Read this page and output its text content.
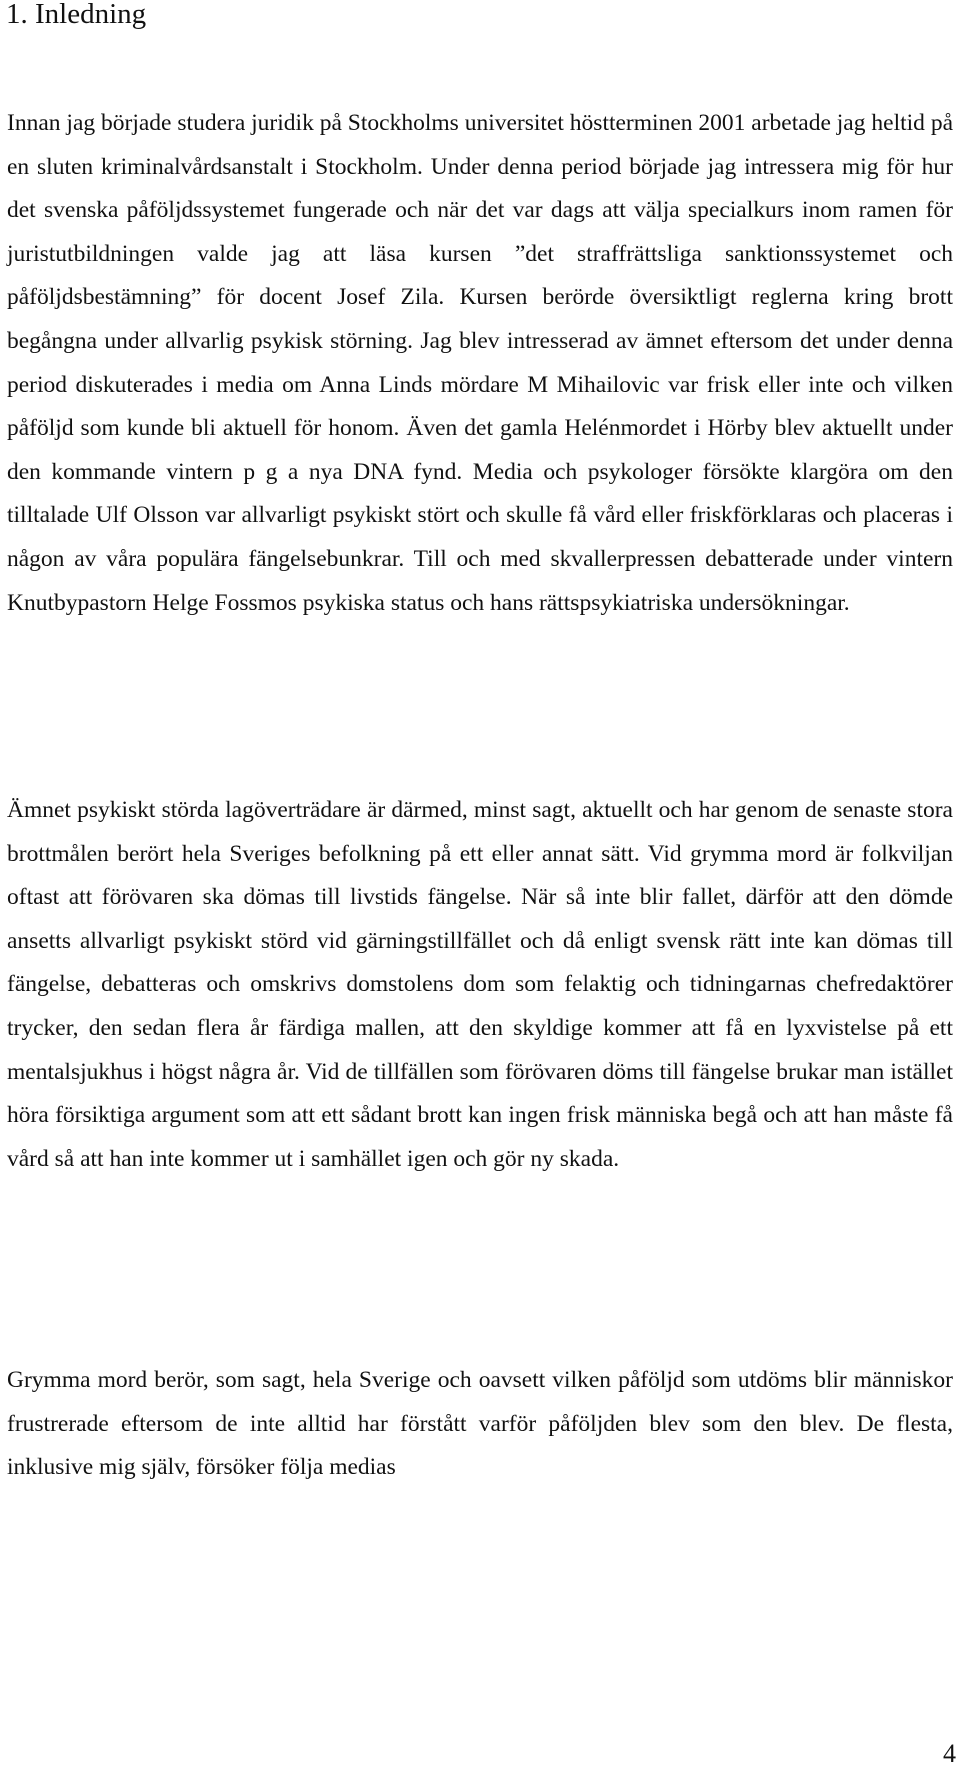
1. Inledning

Innan jag började studera juridik på Stockholms universitet höstterminen 2001 arbetade jag heltid på en sluten kriminalvårdsanstalt i Stockholm. Under denna period började jag intressera mig för hur det svenska påföljdssystemet fungerade och när det var dags att välja specialkurs inom ramen för juristutbildningen valde jag att läsa kursen ”det straffrättsliga sanktionssystemet och påföljdsbestämning” för docent Josef Zila. Kursen berörde översiktligt reglerna kring brott begångna under allvarlig psykisk störning. Jag blev intresserad av ämnet eftersom det under denna period diskuterades i media om Anna Linds mördare M Mihailovic var frisk eller inte och vilken påföljd som kunde bli aktuell för honom. Även det gamla Helénmordet i Hörby blev aktuellt under den kommande vintern p g a nya DNA fynd. Media och psykologer försökte klargöra om den tilltalade Ulf Olsson var allvarligt psykiskt stört och skulle få vård eller friskförklaras och placeras i någon av våra populära fängelsebunkrar. Till och med skvallerpressen debatterade under vintern Knutbypastorn Helge Fossmos psykiska status och hans rättspsykiatriska undersökningar.

Ämnet psykiskt störda lagöverträdare är därmed, minst sagt, aktuellt och har genom de senaste stora brottmålen berört hela Sveriges befolkning på ett eller annat sätt. Vid grymma mord är folkviljan oftast att förövaren ska dömas till livstids fängelse. När så inte blir fallet, därför att den dömde ansetts allvarligt psykiskt störd vid gärningstillfället och då enligt svensk rätt inte kan dömas till fängelse, debatteras och omskrivs domstolens dom som felaktig och tidningarnas chefredaktörer trycker, den sedan flera år färdiga mallen, att den skyldige kommer att få en lyxvistelse på ett mentalsjukhus i högst några år. Vid de tillfällen som förövaren döms till fängelse brukar man istället höra försiktiga argument som att ett sådant brott kan ingen frisk människa begå och att han måste få vård så att han inte kommer ut i samhället igen och gör ny skada.

Grymma mord berör, som sagt, hela Sverige och oavsett vilken påföljd som utdöms blir människor frustrerade eftersom de inte alltid har förstått varför påföljden blev som den blev. De flesta, inklusive mig själv, försöker följa medias

4
